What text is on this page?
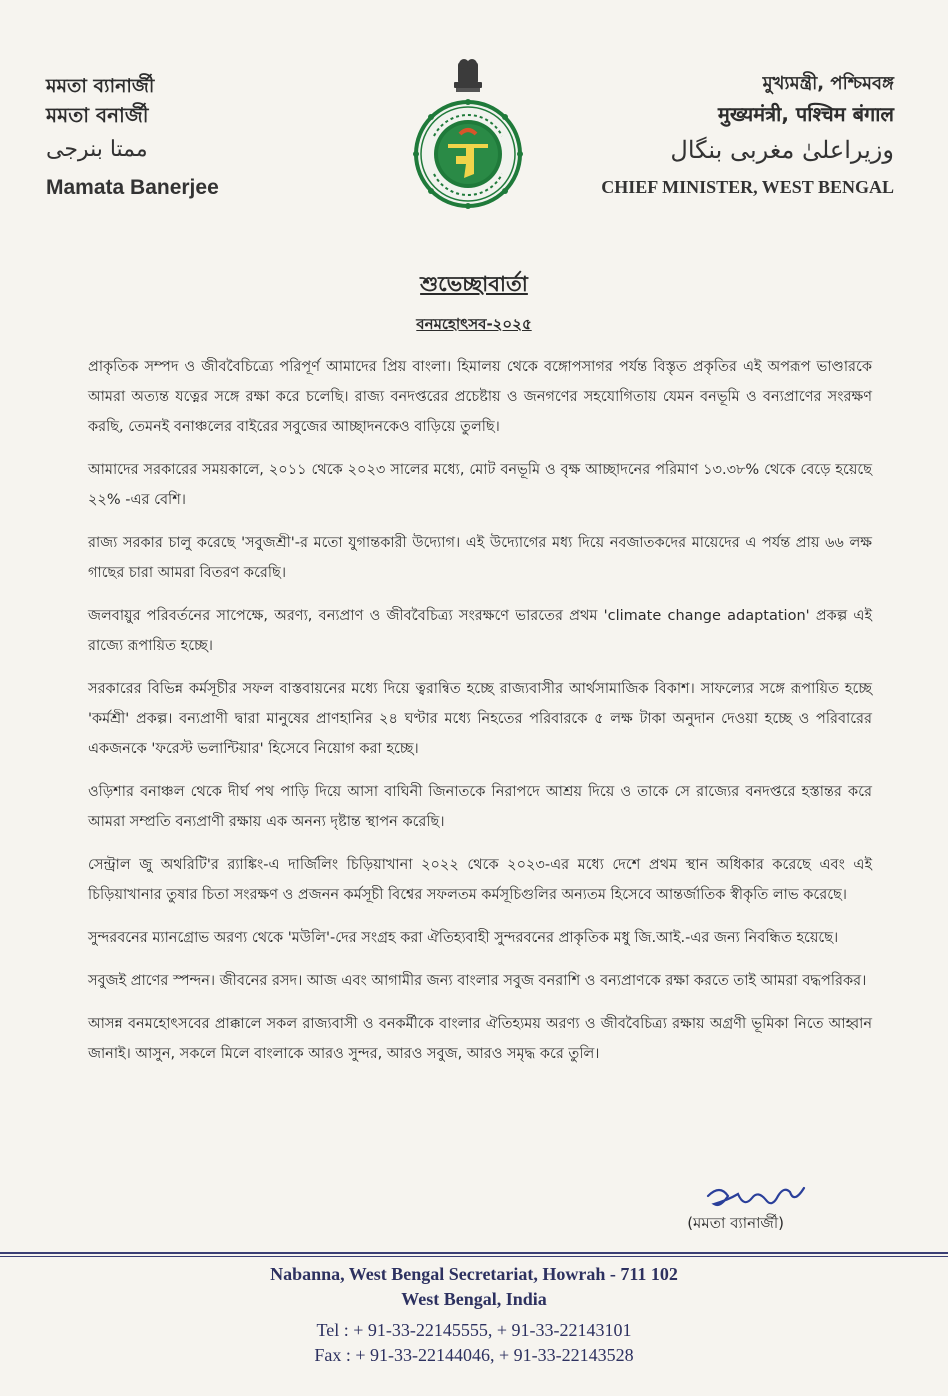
মমতা ব্যানার্জী
মমতা বনার্জী
ممتا بنرجی
Mamata Banerjee
মুখ্যমন্ত্রী, পশ্চিমবঙ্গ
मुख्यमंत्री, पश्चिम बंगाल
وزیراعلیٰ مغربی بنگال
CHIEF MINISTER, WEST BENGAL
শুভেচ্ছাবার্তা
বনমহোৎসব-২০২৫

প্রাকৃতিক সম্পদ ও জীববৈচিত্র্যে পরিপূর্ণ আমাদের প্রিয় বাংলা। হিমালয় থেকে বঙ্গোপসাগর পর্যন্ত বিস্তৃত প্রকৃতির এই অপরূপ ভাণ্ডারকে আমরা অত্যন্ত যত্নের সঙ্গে রক্ষা করে চলেছি। রাজ্য বনদপ্তরের প্রচেষ্টায় ও জনগণের সহযোগিতায় যেমন বনভূমি ও বন্যপ্রাণের সংরক্ষণ করছি, তেমনই বনাঞ্চলের বাইরের সবুজের আচ্ছাদনকেও বাড়িয়ে তুলছি।

আমাদের সরকারের সময়কালে, ২০১১ থেকে ২০২৩ সালের মধ্যে, মোট বনভূমি ও বৃক্ষ আচ্ছাদনের পরিমাণ ১৩.৩৮% থেকে বেড়ে হয়েছে ২২% -এর বেশি।

রাজ্য সরকার চালু করেছে 'সবুজশ্রী'-র মতো যুগান্তকারী উদ্যোগ। এই উদ্যোগের মধ্য দিয়ে নবজাতকদের মায়েদের এ পর্যন্ত প্রায় ৬৬ লক্ষ গাছের চারা আমরা বিতরণ করেছি।

জলবায়ুর পরিবর্তনের সাপেক্ষে, অরণ্য, বন্যপ্রাণ ও জীববৈচিত্র্য সংরক্ষণে ভারতের প্রথম 'climate change adaptation' প্রকল্প এই রাজ্যে রূপায়িত হচ্ছে।

সরকারের বিভিন্ন কর্মসূচীর সফল বাস্তবায়নের মধ্যে দিয়ে ত্বরান্বিত হচ্ছে রাজ্যবাসীর আর্থসামাজিক বিকাশ। সাফল্যের সঙ্গে রূপায়িত হচ্ছে 'কর্মশ্রী' প্রকল্প। বন্যপ্রাণী দ্বারা মানুষের প্রাণহানির ২৪ ঘণ্টার মধ্যে নিহতের পরিবারকে ৫ লক্ষ টাকা অনুদান দেওয়া হচ্ছে ও পরিবারের একজনকে 'ফরেস্ট ভলান্টিয়ার' হিসেবে নিয়োগ করা হচ্ছে।

ওড়িশার বনাঞ্চল থেকে দীর্ঘ পথ পাড়ি দিয়ে আসা বাঘিনী জিনাতকে নিরাপদে আশ্রয় দিয়ে ও তাকে সে রাজ্যের বনদপ্তরে হস্তান্তর করে আমরা সম্প্রতি বন্যপ্রাণী রক্ষায় এক অনন্য দৃষ্টান্ত স্থাপন করেছি।

সেন্ট্রাল জু অথরিটি'র র‍্যাঙ্কিং-এ দার্জিলিং চিড়িয়াখানা ২০২২ থেকে ২০২৩-এর মধ্যে দেশে প্রথম স্থান অধিকার করেছে এবং এই চিড়িয়াখানার তুষার চিতা সংরক্ষণ ও প্রজনন কর্মসূচী বিশ্বের সফলতম কর্মসূচিগুলির অন্যতম হিসেবে আন্তর্জাতিক স্বীকৃতি লাভ করেছে।

সুন্দরবনের ম্যানগ্রোভ অরণ্য থেকে 'মউলি'-দের সংগ্রহ করা ঐতিহ্যবাহী সুন্দরবনের প্রাকৃতিক মধু জি.আই.-এর জন্য নিবন্ধিত হয়েছে।

সবুজই প্রাণের স্পন্দন। জীবনের রসদ। আজ এবং আগামীর জন্য বাংলার সবুজ বনরাশি ও বন্যপ্রাণকে রক্ষা করতে তাই আমরা বদ্ধপরিকর।

আসন্ন বনমহোৎসবের প্রাক্কালে সকল রাজ্যবাসী ও বনকর্মীকে বাংলার ঐতিহ্যময় অরণ্য ও জীববৈচিত্র্য রক্ষায় অগ্রণী ভূমিকা নিতে আহ্বান জানাই। আসুন, সকলে মিলে বাংলাকে আরও সুন্দর, আরও সবুজ, আরও সমৃদ্ধ করে তুলি।

(মমতা ব্যানার্জী)
Nabanna, West Bengal Secretariat, Howrah - 711 102
West Bengal, India
Tel : + 91-33-22145555, + 91-33-22143101
Fax : + 91-33-22144046, + 91-33-22143528
